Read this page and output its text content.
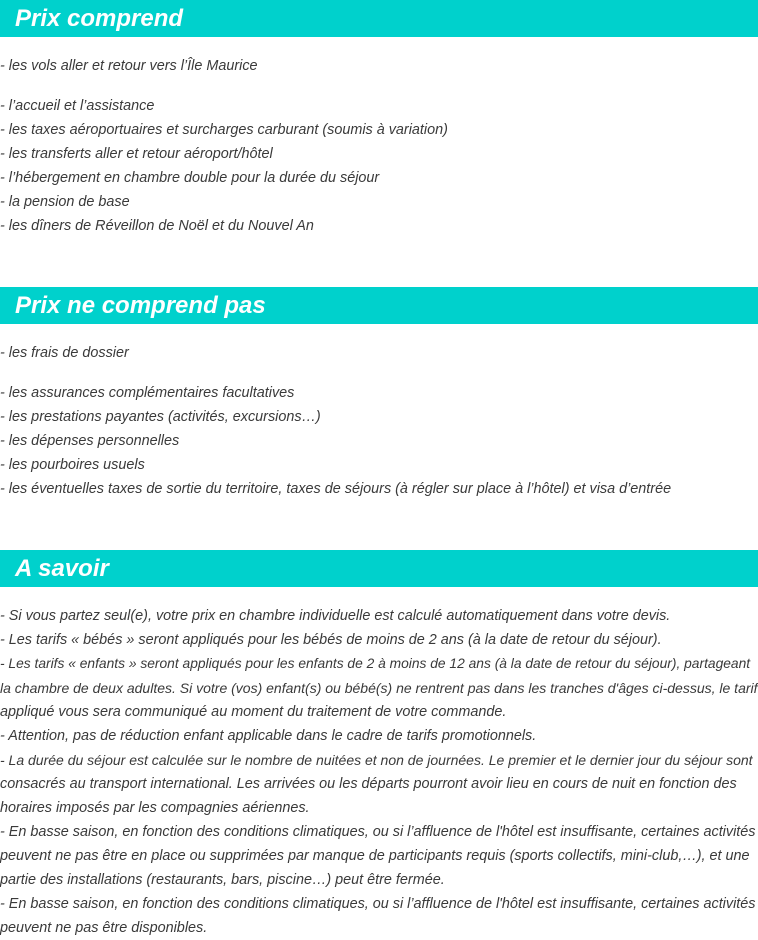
Prix comprend
- les vols aller et retour vers l’Île Maurice
- l’accueil et l’assistance
- les taxes aéroportuaires et surcharges carburant (soumis à variation)
- les transferts aller et retour aéroport/hôtel
- l’hébergement en chambre double pour la durée du séjour
- la pension de base
- les dîners de Réveillon de Noël et du Nouvel An
Prix ne comprend pas
- les frais de dossier
- les assurances complémentaires facultatives
- les prestations payantes (activités, excursions…)
- les dépenses personnelles
- les pourboires usuels
- les éventuelles taxes de sortie du territoire, taxes de séjours (à régler sur place à l’hôtel) et visa d’entrée
A savoir
- Si vous partez seul(e), votre prix en chambre individuelle est calculé automatiquement dans votre devis.
- Les tarifs « bébés » seront appliqués pour les bébés de moins de 2 ans (à la date de retour du séjour).
- Les tarifs « enfants » seront appliqués pour les enfants de 2 à moins de 12 ans (à la date de retour du séjour), partageant
la chambre de deux adultes. Si votre (vos) enfant(s) ou bébé(s) ne rentrent pas dans les tranches d'âges ci-dessus, le tarif
appliqué vous sera communiqué au moment du traitement de votre commande.
- Attention, pas de réduction enfant applicable dans le cadre de tarifs promotionnels.
- La durée du séjour est calculée sur le nombre de nuitées et non de journées. Le premier et le dernier jour du séjour sont
consacrés au transport international. Les arrivées ou les départs pourront avoir lieu en cours de nuit en fonction des
horaires imposés par les compagnies aériennes.
- En basse saison, en fonction des conditions climatiques, ou si l’affluence de l'hôtel est insuffisante, certaines activités
peuvent ne pas être en place ou supprimées par manque de participants requis (sports collectifs, mini-club,…), et une
partie des installations (restaurants, bars, piscine…) peut être fermée.
- En basse saison, en fonction des conditions climatiques, ou si l’affluence de l'hôtel est insuffisante, certaines activités
peuvent ne pas être disponibles.
